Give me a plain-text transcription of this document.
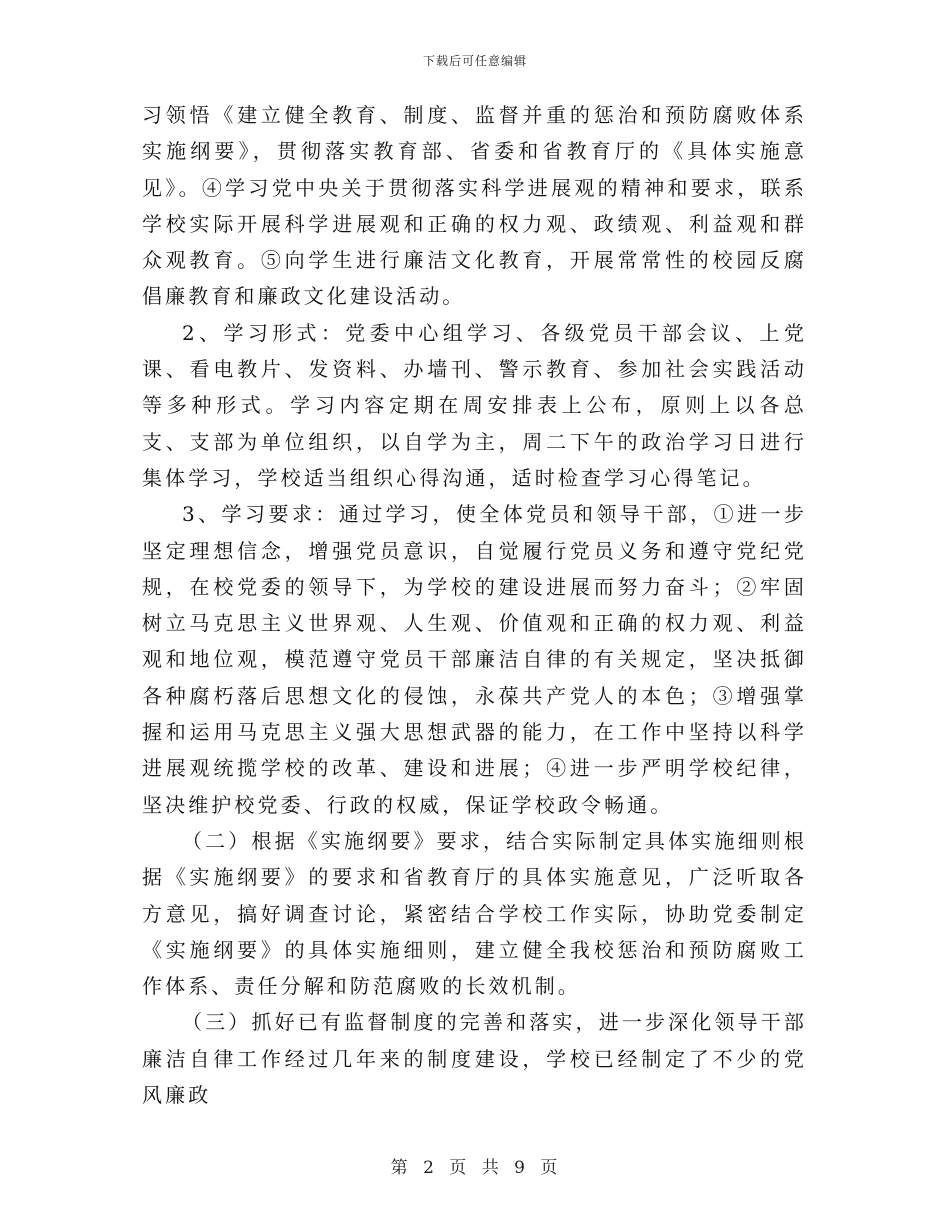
下载后可任意编辑

习领悟《建立健全教育、制度、监督并重的惩治和预防腐败体系实施纲要》，贯彻落实教育部、省委和省教育厅的《具体实施意见》。④学习党中央关于贯彻落实科学进展观的精神和要求，联系学校实际开展科学进展观和正确的权力观、政绩观、利益观和群众观教育。⑤向学生进行廉洁文化教育，开展常常性的校园反腐倡廉教育和廉政文化建设活动。

2、学习形式：党委中心组学习、各级党员干部会议、上党课、看电教片、发资料、办墙刊、警示教育、参加社会实践活动等多种形式。学习内容定期在周安排表上公布，原则上以各总支、支部为单位组织，以自学为主，周二下午的政治学习日进行集体学习，学校适当组织心得沟通，适时检查学习心得笔记。

3、学习要求：通过学习，使全体党员和领导干部，①进一步坚定理想信念，增强党员意识，自觉履行党员义务和遵守党纪党规，在校党委的领导下，为学校的建设进展而努力奋斗；②牢固树立马克思主义世界观、人生观、价值观和正确的权力观、利益观和地位观，模范遵守党员干部廉洁自律的有关规定，坚决抵御各种腐朽落后思想文化的侵蚀，永葆共产党人的本色；③增强掌握和运用马克思主义强大思想武器的能力，在工作中坚持以科学进展观统揽学校的改革、建设和进展；④进一步严明学校纪律，坚决维护校党委、行政的权威，保证学校政令畅通。

（二）根据《实施纲要》要求，结合实际制定具体实施细则根据《实施纲要》的要求和省教育厅的具体实施意见，广泛听取各方意见，搞好调查讨论，紧密结合学校工作实际，协助党委制定《实施纲要》的具体实施细则，建立健全我校惩治和预防腐败工作体系、责任分解和防范腐败的长效机制。

（三）抓好已有监督制度的完善和落实，进一步深化领导干部廉洁自律工作经过几年来的制度建设，学校已经制定了不少的党风廉政

第 2 页 共 9 页
